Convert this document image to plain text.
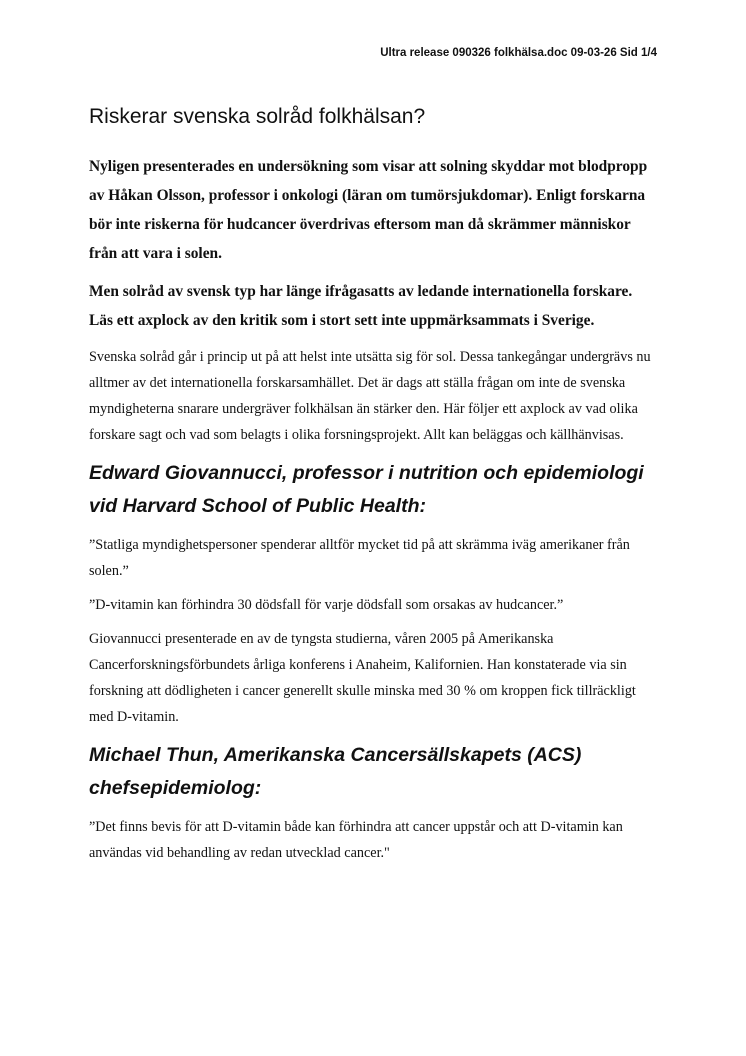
Ultra release 090326 folkhälsa.doc 09-03-26 Sid 1/4
Riskerar svenska solråd folkhälsan?

Nyligen presenterades en undersökning som visar att solning skyddar mot blodpropp av Håkan Olsson, professor i onkologi (läran om tumörsjukdomar). Enligt forskarna bör inte riskerna för hudcancer överdrivas eftersom man då skrämmer människor från att vara i solen.

Men solråd av svensk typ har länge ifrågasatts av ledande internationella forskare. Läs ett axplock av den kritik som i stort sett inte uppmärksammats i Sverige.

Svenska solråd går i princip ut på att helst inte utsätta sig för sol. Dessa tankegångar undergrävs nu alltmer av det internationella forskarsamhället. Det är dags att ställa frågan om inte de svenska myndigheterna snarare undergräver folkhälsan än stärker den. Här följer ett axplock av vad olika forskare sagt och vad som belagts i olika forsningsprojekt. Allt kan beläggas och källhänvisas.

Edward Giovannucci, professor i nutrition och epidemiologi vid Harvard School of Public Health:

”Statliga myndighetspersoner spenderar alltför mycket tid på att skrämma iväg amerikaner från solen.”

”D-vitamin kan förhindra 30 dödsfall för varje dödsfall som orsakas av hudcancer.”

Giovannucci presenterade en av de tyngsta studierna, våren 2005 på Amerikanska Cancerforskningsförbundets årliga konferens i Anaheim, Kalifornien. Han konstaterade via sin forskning att dödligheten i cancer generellt skulle minska med 30 % om kroppen fick tillräckligt med D-vitamin.

Michael Thun, Amerikanska Cancersällskapets (ACS) chefsepidemiolog:

”Det finns bevis för att D-vitamin både kan förhindra att cancer uppstår och att D-vitamin kan användas vid behandling av redan utvecklad cancer."
